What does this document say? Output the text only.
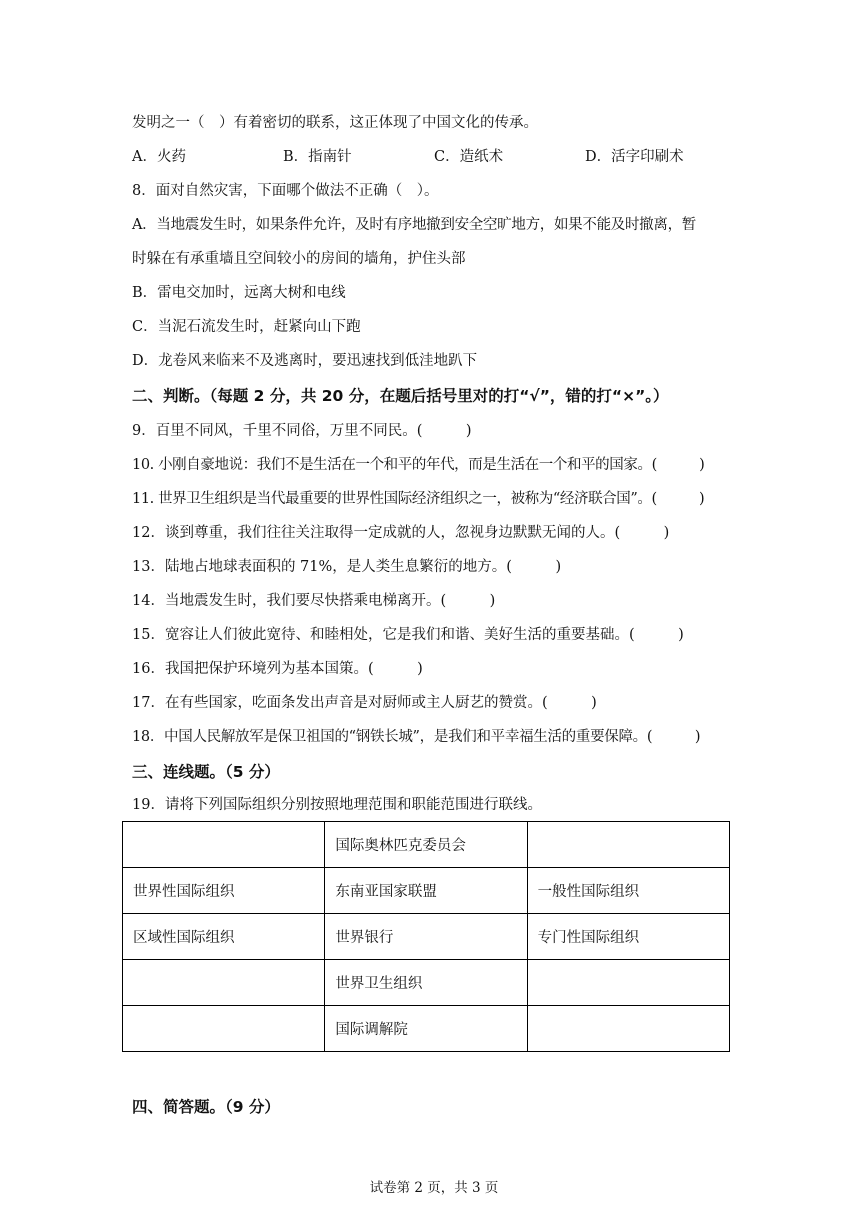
发明之一（　）有着密切的联系，这正体现了中国文化的传承。
A．火药	B．指南针	C．造纸术	D．活字印刷术
8．面对自然灾害，下面哪个做法不正确（　）。
A．当地震发生时，如果条件允许，及时有序地撤到安全空旷地方，如果不能及时撤离，暂
时躲在有承重墙且空间较小的房间的墙角，护住头部
B．雷电交加时，远离大树和电线
C．当泥石流发生时，赶紧向山下跑
D．龙卷风来临来不及逃离时，要迅速找到低洼地趴下
二、判断。（每题 2 分，共 20 分，在题后括号里对的打“√”，错的打“×”。）
9．百里不同风，千里不同俗，万里不同民。(　　　)
10. 小刚自豪地说：我们不是生活在一个和平的年代，而是生活在一个和平的国家。(　　　)
11. 世界卫生组织是当代最重要的世界性国际经济组织之一，被称为“经济联合国”。(　　　)
12．谈到尊重，我们往往关注取得一定成就的人，忽视身边默默无闻的人。(　　　)
13．陆地占地球表面积的 71%，是人类生息繁衍的地方。(　　　)
14．当地震发生时，我们要尽快搭乘电梯离开。(　　　)
15．宽容让人们彼此宽待、和睦相处，它是我们和谐、美好生活的重要基础。(　　　)
16．我国把保护环境列为基本国策。(　　　)
17．在有些国家，吃面条发出声音是对厨师或主人厨艺的赞赏。(　　　)
18．中国人民解放军是保卫祖国的“钢铁长城”，是我们和平幸福生活的重要保障。(　　　)
三、连线题。（5 分）
19．请将下列国际组织分别按照地理范围和职能范围进行联线。
	国际奥林匹克委员会	
世界性国际组织	东南亚国家联盟	一般性国际组织
区域性国际组织	世界银行	专门性国际组织
	世界卫生组织	
	国际调解院	
四、简答题。（9 分）
试卷第 2 页，共 3 页
